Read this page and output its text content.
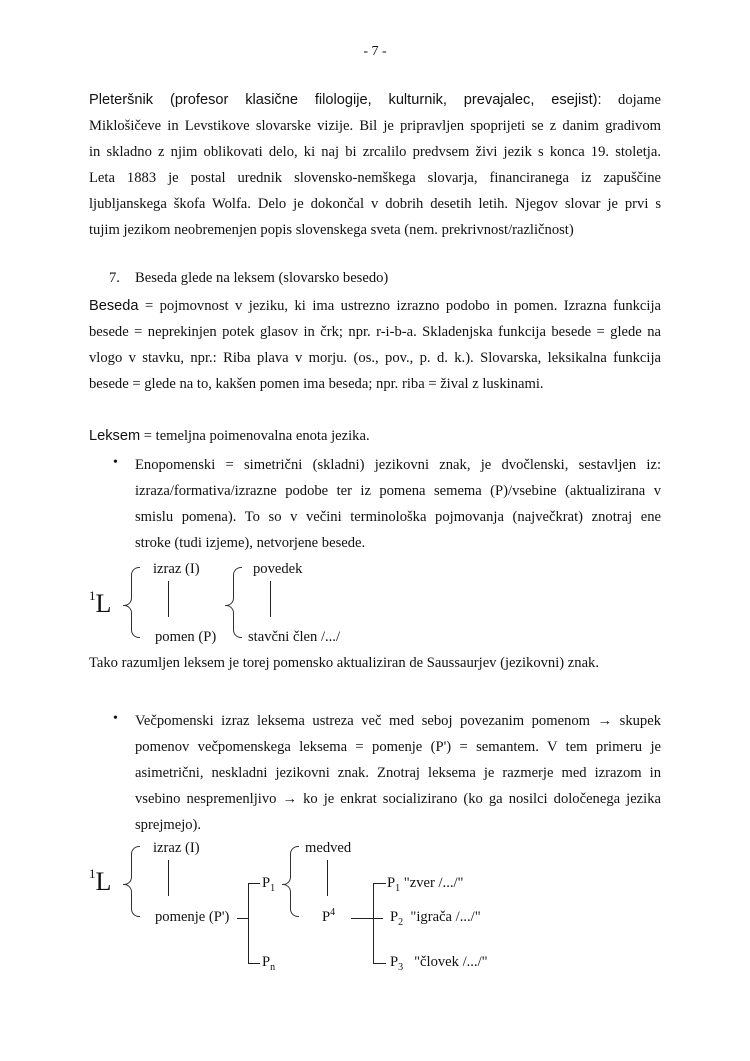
- 7 -
Pleteršnik (profesor klasične filologije, kulturnik, prevajalec, esejist): dojame
Miklošičeve in Levstikove slovarske vizije. Bil je pripravljen spoprijeti se z danim gradivom
in skladno z njim oblikovati delo, ki naj bi zrcalilo predvsem živi jezik s konca 19. stoletja.
Leta 1883 je postal urednik slovensko-nemškega slovarja, financiranega iz zapuščine
ljubljanskega škofa Wolfa. Delo je dokončal v dobrih desetih letih. Njegov slovar je prvi s
tujim jezikom neobremenjen popis slovenskega sveta (nem. prekrivnost/različnost)
7. Beseda glede na leksem (slovarsko besedo)
Beseda = pojmovnost v jeziku, ki ima ustrezno izrazno podobo in pomen. Izrazna funkcija
besede = neprekinjen potek glasov in črk; npr. r-i-b-a. Skladenjska funkcija besede = glede na
vlogo v stavku, npr.: Riba plava v morju. (os., pov., p. d. k.). Slovarska, leksikalna funkcija
besede = glede na to, kakšen pomen ima beseda; npr. riba = žival z luskinami.
Leksem = temeljna poimenovalna enota jezika.
• Enopomenski = simetrični (skladni) jezikovni znak, je dvočlenski, sestavljen iz:
izraza/formativa/izrazne podobe ter iz pomena semema (P)/vsebine (aktualizirana v
smislu pomena). To so v večini terminološka pojmovanja (največkrat) znotraj ene
stroke (tudi izjeme), netvorjene besede.
$^1$L
izraz (I)
pomen (P)
povedek
stavčni člen /.../
Tako razumljen leksem je torej pomensko aktualiziran de Saussaurjev (jezikovni) znak.
• Večpomenski izraz leksema ustreza več med seboj povezanim pomenom → skupek
pomenov večpomenskega leksema = pomenje (P') = semantem. V tem primeru je
asimetrični, neskladni jezikovni znak. Znotraj leksema je razmerje med izrazom in
vsebino nespremenljivo → ko je enkrat socializirano (ko ga nosilci določenega jezika
sprejmejo).
$^1$L
izraz (I)
pomenje (P')
$P_1$
$P_n$
medved
$P^4$
$P_1$ "zver /.../"
$P_2$ "igrača /.../"
$P_3$ "človek /.../"
